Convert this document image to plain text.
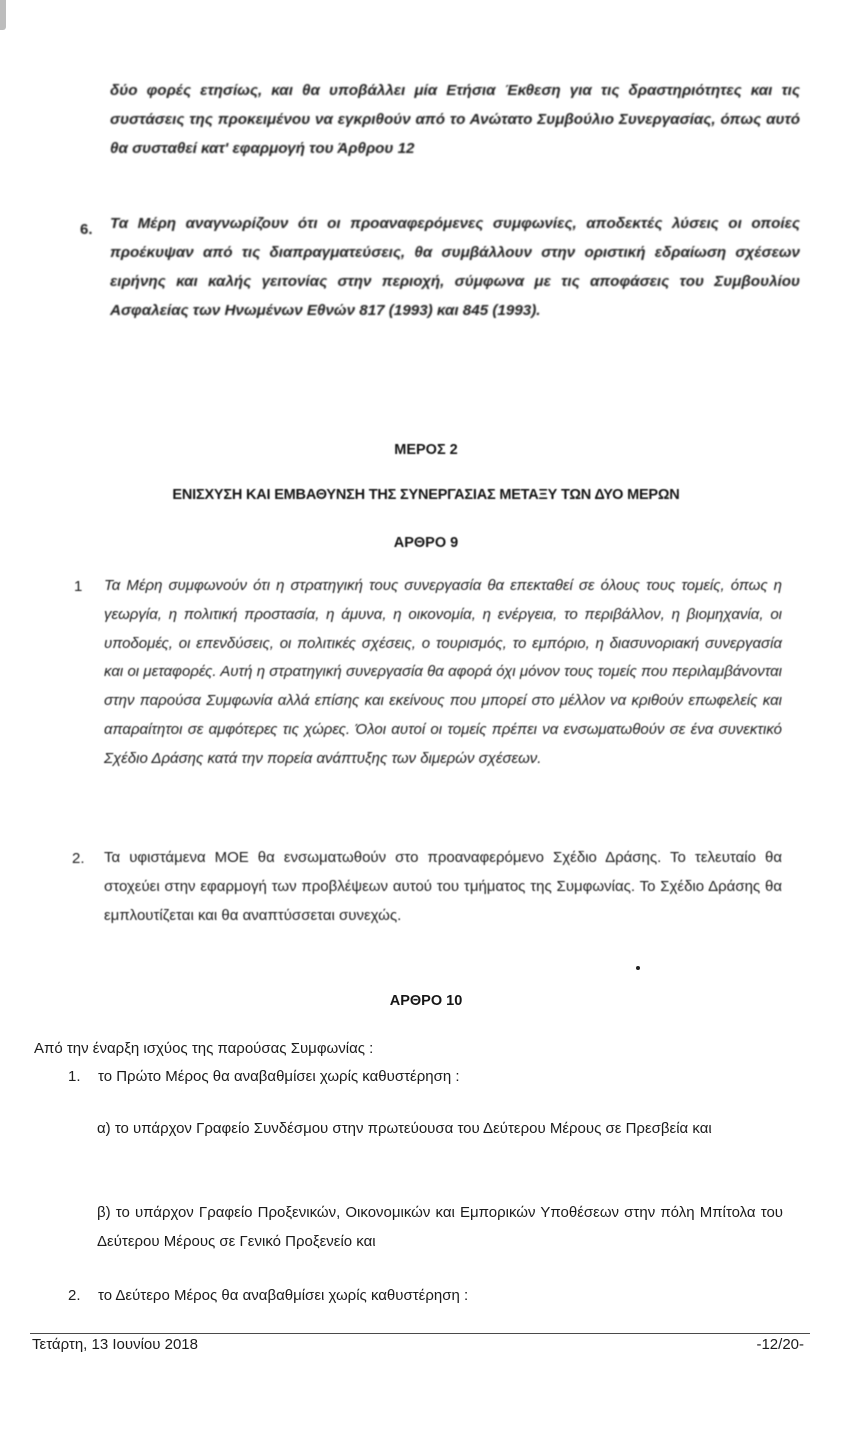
δύο φορές ετησίως, και θα υποβάλλει μία Ετήσια Έκθεση για τις δραστηριότητες και τις συστάσεις της προκειμένου να εγκριθούν από το Ανώτατο Συμβούλιο Συνεργασίας, όπως αυτό θα συσταθεί κατ' εφαρμογή του Άρθρου 12
6. Τα Μέρη αναγνωρίζουν ότι οι προαναφερόμενες συμφωνίες, αποδεκτές λύσεις οι οποίες προέκυψαν από τις διαπραγματεύσεις, θα συμβάλλουν στην οριστική εδραίωση σχέσεων ειρήνης και καλής γειτονίας στην περιοχή, σύμφωνα με τις αποφάσεις του Συμβουλίου Ασφαλείας των Ηνωμένων Εθνών 817 (1993) και 845 (1993).
ΜΕΡΟΣ 2
ΕΝΙΣΧΥΣΗ ΚΑΙ ΕΜΒΑΘΥΝΣΗ ΤΗΣ ΣΥΝΕΡΓΑΣΙΑΣ ΜΕΤΑΞΥ ΤΩΝ ΔΥΟ ΜΕΡΩΝ
ΑΡΘΡΟ 9
1 Τα Μέρη συμφωνούν ότι η στρατηγική τους συνεργασία θα επεκταθεί σε όλους τους τομείς, όπως η γεωργία, η πολιτική προστασία, η άμυνα, η οικονομία, η ενέργεια, το περιβάλλον, η βιομηχανία, οι υποδομές, οι επενδύσεις, οι πολιτικές σχέσεις, ο τουρισμός, το εμπόριο, η διασυνοριακή συνεργασία και οι μεταφορές. Αυτή η στρατηγική συνεργασία θα αφορά όχι μόνον τους τομείς που περιλαμβάνονται στην παρούσα Συμφωνία αλλά επίσης και εκείνους που μπορεί στο μέλλον να κριθούν επωφελείς και απαραίτητοι σε αμφότερες τις χώρες. Όλοι αυτοί οι τομείς πρέπει να ενσωματωθούν σε ένα συνεκτικό Σχέδιο Δράσης κατά την πορεία ανάπτυξης των διμερών σχέσεων.
2. Τα υφιστάμενα ΜΟΕ θα ενσωματωθούν στο προαναφερόμενο Σχέδιο Δράσης. Το τελευταίο θα στοχεύει στην εφαρμογή των προβλέψεων αυτού του τμήματος της Συμφωνίας. Το Σχέδιο Δράσης θα εμπλουτίζεται και θα αναπτύσσεται συνεχώς.
ΑΡΘΡΟ 10
Από την έναρξη ισχύος της παρούσας Συμφωνίας :
1. το Πρώτο Μέρος θα αναβαθμίσει χωρίς καθυστέρηση :
α) το υπάρχον Γραφείο Συνδέσμου στην πρωτεύουσα του Δεύτερου Μέρους σε Πρεσβεία και
β) το υπάρχον Γραφείο Προξενικών, Οικονομικών και Εμπορικών Υποθέσεων στην πόλη Μπίτολα του Δεύτερου Μέρους σε Γενικό Προξενείο και
2. το Δεύτερο Μέρος θα αναβαθμίσει χωρίς καθυστέρηση :
Τετάρτη, 13 Ιουνίου 2018	-12/20-
